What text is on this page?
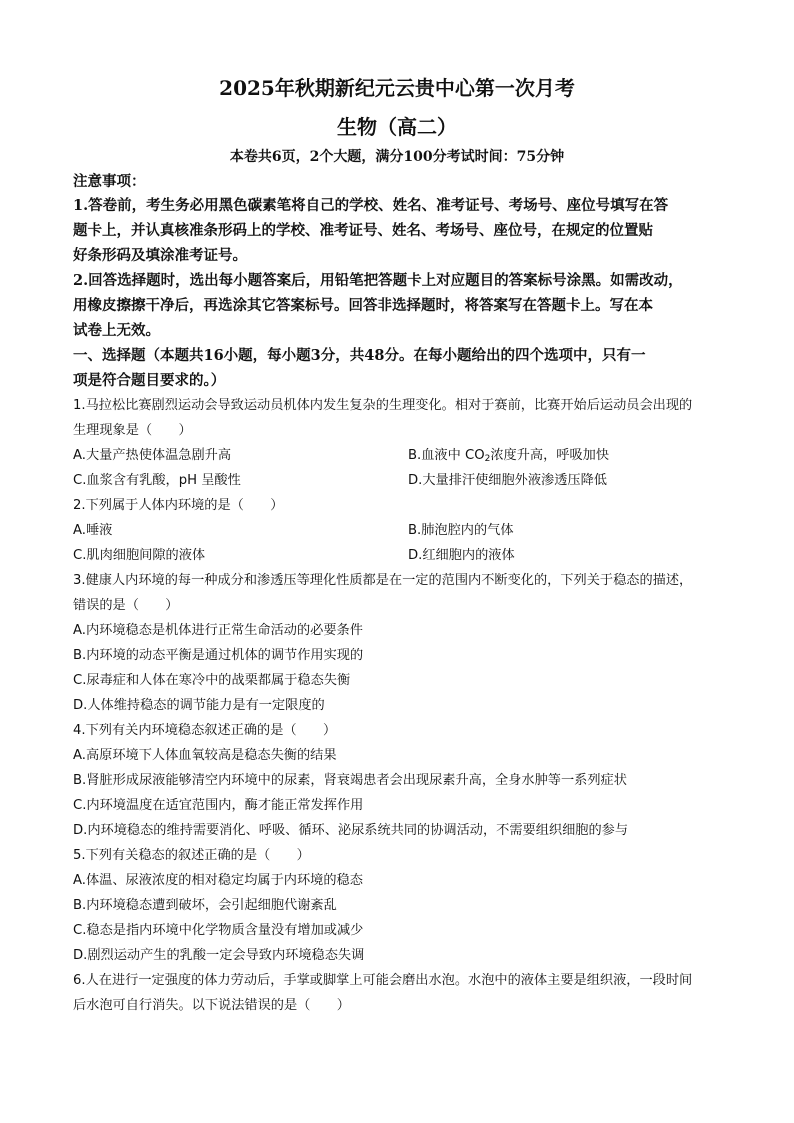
2025年秋期新纪元云贵中心第一次月考
生物（高二）
本卷共6页，2个大题，满分100分考试时间：75分钟
注意事项：
1.答卷前，考生务必用黑色碳素笔将自己的学校、姓名、准考证号、考场号、座位号填写在答
题卡上，并认真核准条形码上的学校、准考证号、姓名、考场号、座位号，在规定的位置贴
好条形码及填涂准考证号。
2.回答选择题时，选出每小题答案后，用铅笔把答题卡上对应题目的答案标号涂黑。如需改动，
用橡皮擦擦干净后，再选涂其它答案标号。回答非选择题时，将答案写在答题卡上。写在本
试卷上无效。
一、选择题（本题共16小题，每小题3分，共48分。在每小题给出的四个选项中，只有一
项是符合题目要求的。）
1.马拉松比赛剧烈运动会导致运动员机体内发生复杂的生理变化。相对于赛前，比赛开始后运动员会出现的
生理现象是（　　）
A.大量产热使体温急剧升高	B.血液中 $CO_2$浓度升高，呼吸加快
C.血浆含有乳酸，pH 呈酸性	D.大量排汗使细胞外液渗透压降低
2.下列属于人体内环境的是（　　）
A.唾液	B.肺泡腔内的气体
C.肌肉细胞间隙的液体	D.红细胞内的液体
3.健康人内环境的每一种成分和渗透压等理化性质都是在一定的范围内不断变化的，下列关于稳态的描述，
错误的是（　　）
A.内环境稳态是机体进行正常生命活动的必要条件
B.内环境的动态平衡是通过机体的调节作用实现的
C.尿毒症和人体在寒冷中的战栗都属于稳态失衡
D.人体维持稳态的调节能力是有一定限度的
4.下列有关内环境稳态叙述正确的是（　　）
A.高原环境下人体血氧较高是稳态失衡的结果
B.肾脏形成尿液能够清空内环境中的尿素，肾衰竭患者会出现尿素升高，全身水肿等一系列症状
C.内环境温度在适宜范围内，酶才能正常发挥作用
D.内环境稳态的维持需要消化、呼吸、循环、泌尿系统共同的协调活动，不需要组织细胞的参与
5.下列有关稳态的叙述正确的是（　　）
A.体温、尿液浓度的相对稳定均属于内环境的稳态
B.内环境稳态遭到破坏，会引起细胞代谢紊乱
C.稳态是指内环境中化学物质含量没有增加或减少
D.剧烈运动产生的乳酸一定会导致内环境稳态失调
6.人在进行一定强度的体力劳动后，手掌或脚掌上可能会磨出水泡。水泡中的液体主要是组织液，一段时间
后水泡可自行消失。以下说法错误的是（　　）
